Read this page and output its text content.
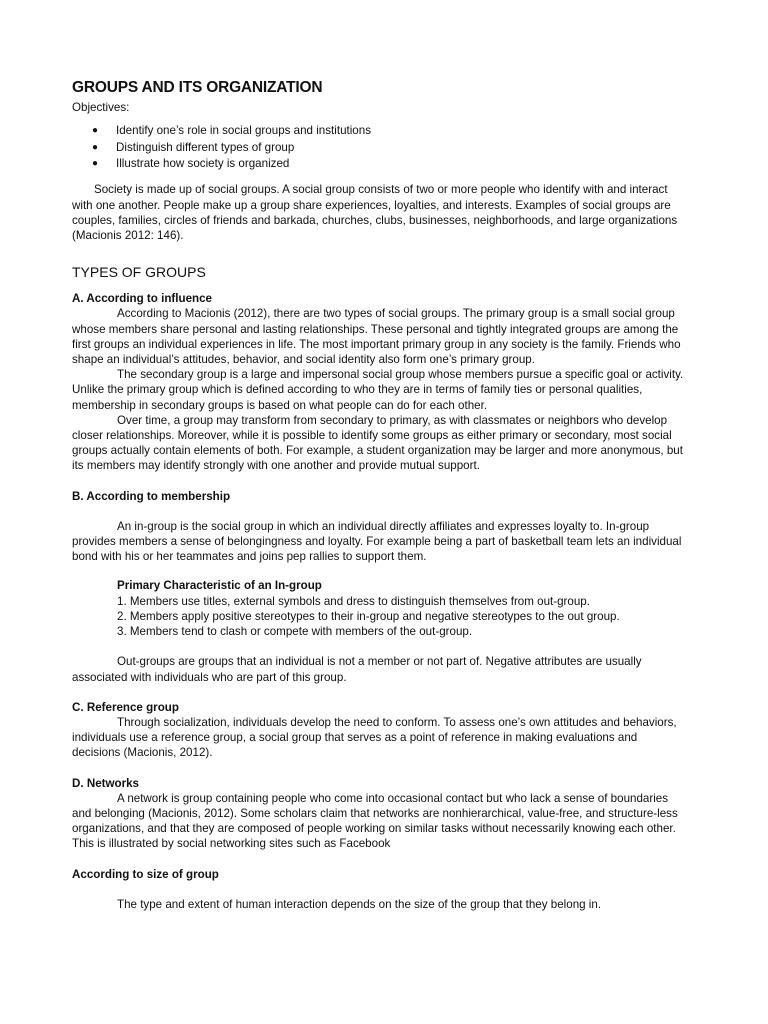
GROUPS AND ITS ORGANIZATION

Objectives:

● Identify one’s role in social groups and institutions
● Distinguish different types of group
● Illustrate how society is organized

Society is made up of social groups. A social group consists of two or more people who identify with and interact with one another. People make up a group share experiences, loyalties, and interests. Examples of social groups are couples, families, circles of friends and barkada, churches, clubs, businesses, neighborhoods, and large organizations (Macionis 2012: 146).

TYPES OF GROUPS

A. According to influence

According to Macionis (2012), there are two types of social groups. The primary group is a small social group whose members share personal and lasting relationships. These personal and tightly integrated groups are among the first groups an individual experiences in life. The most important primary group in any society is the family. Friends who shape an individual’s attitudes, behavior, and social identity also form one’s primary group.

The secondary group is a large and impersonal social group whose members pursue a specific goal or activity. Unlike the primary group which is defined according to who they are in terms of family ties or personal qualities, membership in secondary groups is based on what people can do for each other.

Over time, a group may transform from secondary to primary, as with classmates or neighbors who develop closer relationships. Moreover, while it is possible to identify some groups as either primary or secondary, most social groups actually contain elements of both. For example, a student organization may be larger and more anonymous, but its members may identify strongly with one another and provide mutual support.

B. According to membership

An in-group is the social group in which an individual directly affiliates and expresses loyalty to. In-group provides members a sense of belongingness and loyalty. For example being a part of basketball team lets an individual bond with his or her teammates and joins pep rallies to support them.

Primary Characteristic of an In-group

1. Members use titles, external symbols and dress to distinguish themselves from out-group.

2. Members apply positive stereotypes to their in-group and negative stereotypes to the out group.

3. Members tend to clash or compete with members of the out-group.

Out-groups are groups that an individual is not a member or not part of. Negative attributes are usually associated with individuals who are part of this group.

C. Reference group

Through socialization, individuals develop the need to conform. To assess one’s own attitudes and behaviors, individuals use a reference group, a social group that serves as a point of reference in making evaluations and decisions (Macionis, 2012).

D. Networks

A network is group containing people who come into occasional contact but who lack a sense of boundaries and belonging (Macionis, 2012). Some scholars claim that networks are nonhierarchical, value-free, and structure-less organizations, and that they are composed of people working on similar tasks without necessarily knowing each other. This is illustrated by social networking sites such as Facebook

According to size of group

The type and extent of human interaction depends on the size of the group that they belong in.
